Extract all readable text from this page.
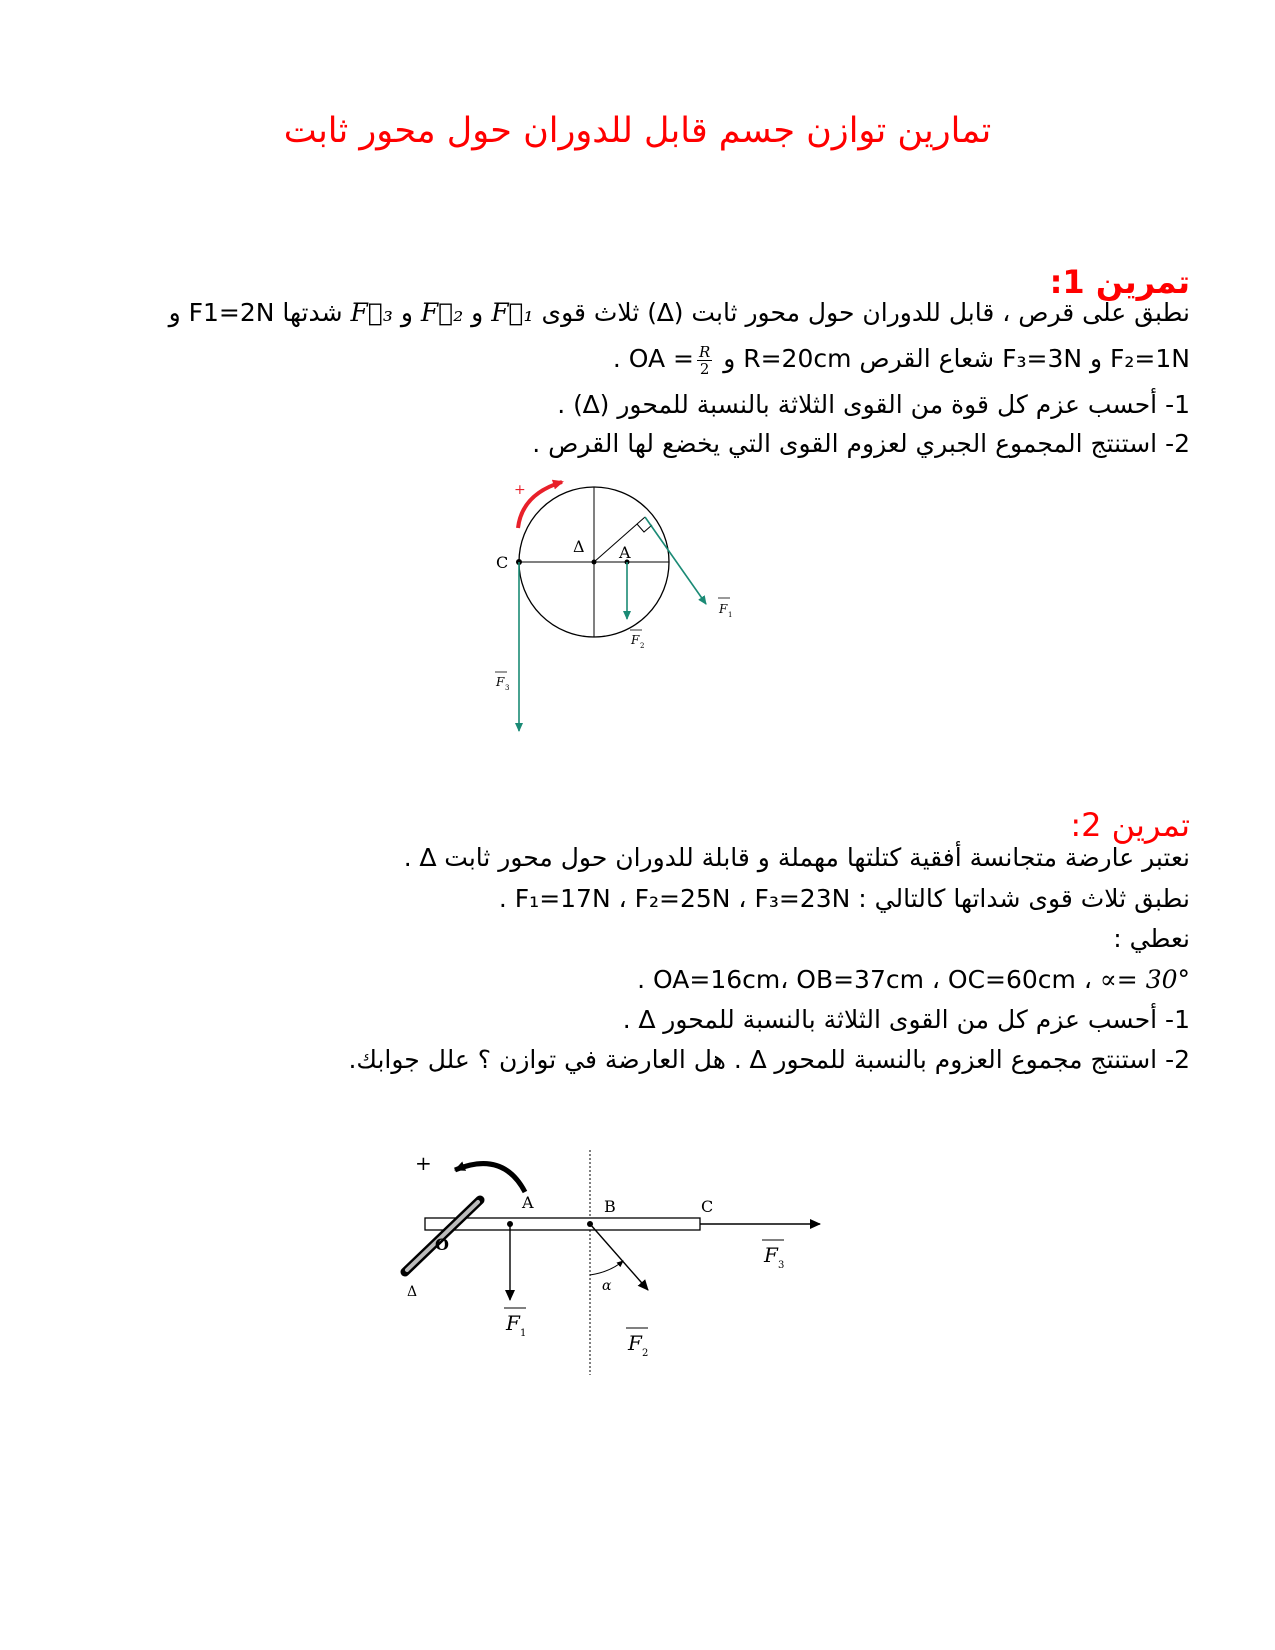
تمارين توازن جسم قابل للدوران حول محور ثابت
تمرين 1:
نطبق على قرص ، قابل للدوران حول محور ثابت (∆) ثلاث قوى F⃗₁ و F⃗₂ و F⃗₃ شدتها F1=2N و
F₂=1N و F₃=3N شعاع القرص R=20cm و OA = $\frac{R}{2}$
.
1- أحسب عزم كل قوة من القوى الثلاثة بالنسبة للمحور (∆) .
2- استنتج المجموع الجبري لعزوم القوى التي يخضع لها القرص .
+
C
Δ A
F 1
F 2
F 3
تمرين 2:
نعتبر عارضة متجانسة أفقية كتلتها مهملة و قابلة للدوران حول محور ثابت ∆ .
نطبق ثلاث قوى شداتها كالتالي : F₁=17N ، F₂=25N ، F₃=23N .
نعطي :
OA=16cm، OB=37cm ، OC=60cm ، ∝= 30° .
1- أحسب عزم كل من القوى الثلاثة بالنسبة للمحور ∆ .
2- استنتج مجموع العزوم بالنسبة للمحور ∆ . هل العارضة في توازن ؟ علل جوابك.
+
A	B	C
O
Δ	α
F 1	F 2
F 3
